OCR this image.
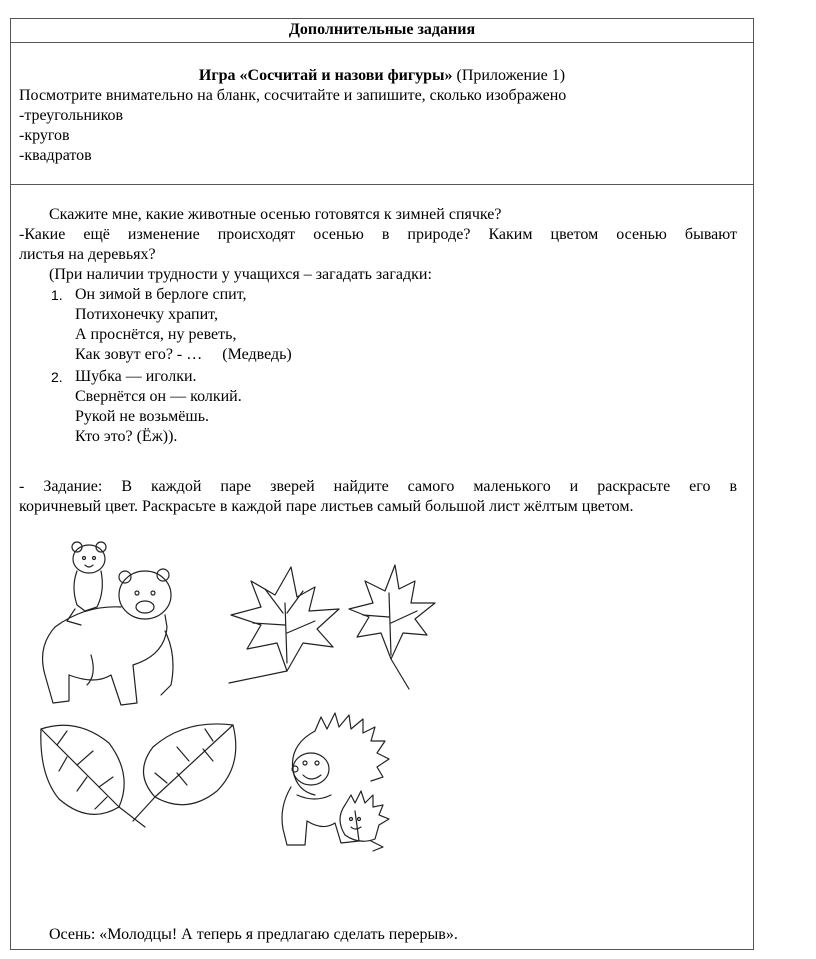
Дополнительные задания
Игра «Сосчитай и назови фигуры» (Приложение 1)
Посмотрите внимательно на бланк, сосчитайте и запишите, сколько изображено
-треугольников
-кругов
-квадратов
Скажите мне, какие животные осенью готовятся к зимней спячке?
-Какие ещё изменение происходят осенью в природе? Каким цветом осенью бывают
листья на деревьях?
(При наличии трудности у учащихся – загадать загадки:
1. Он зимой в берлоге спит,
Потихонечку храпит,
А проснётся, ну реветь,
Как зовут его? - …     (Медведь)
2. Шубка — иголки.
Свернётся он — колкий.
Рукой не возьмёшь.
Кто это? (Ёж)).
- Задание: В каждой паре зверей найдите самого маленького и раскрасьте его в
коричневый цвет. Раскрасьте в каждой паре листьев самый большой лист жёлтым цветом.
Осень: «Молодцы! А теперь я предлагаю сделать перерыв».
